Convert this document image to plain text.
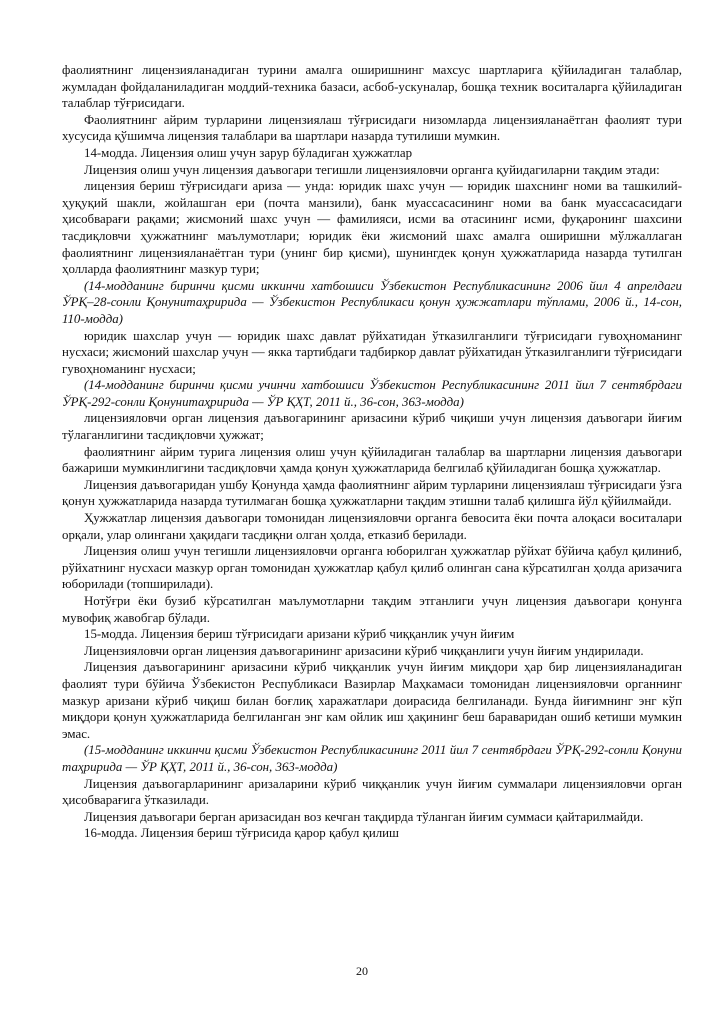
фаолиятнинг лицензияланадиган турини амалга оширишнинг махсус шартларига қўйиладиган талаблар, жумладан фойдаланиладиган моддий-техника базаси, асбоб-ускуналар, бошқа техник воситаларга қўйиладиган талаблар тўғрисидаги.

Фаолиятнинг айрим турларини лицензиялаш тўғрисидаги низомларда лицензияланаётган фаолият тури хусусида қўшимча лицензия талаблари ва шартлари назарда тутилиши мумкин.

14-модда. Лицензия олиш учун зарур бўладиган ҳужжатлар

Лицензия олиш учун лицензия даъвогари тегишли лицензияловчи органга қуйидагиларни тақдим этади:

лицензия бериш тўғрисидаги ариза — унда: юридик шахс учун — юридик шахснинг номи ва ташкилий-ҳуқуқий шакли, жойлашган ери (почта манзили), банк муассасасининг номи ва банк муассасасидаги ҳисобварағи рақами; жисмоний шахс учун — фамилияси, исми ва отасининг исми, фуқаронинг шахсини тасдиқловчи ҳужжатнинг маълумотлари; юридик ёки жисмоний шахс амалга оширишни мўлжаллаган фаолиятнинг лицензияланаётган тури (унинг бир қисми), шунингдек қонун ҳужжатларида назарда тутилган ҳолларда фаолиятнинг мазкур тури;

(14-модданинг биринчи қисми иккинчи хатбошиси Ўзбекистон Республикасининг 2006 йил 4 апрелдаги ЎРҚ–28-сонли Қонунитаҳририда — Ўзбекистон Республикаси қонун ҳужжатлари тўплами, 2006 й., 14-сон, 110-модда)

юридик шахслар учун — юридик шахс давлат рўйхатидан ўтказилганлиги тўғрисидаги гувоҳноманинг нусхаси; жисмоний шахслар учун — якка тартибдаги тадбиркор давлат рўйхатидан ўтказилганлиги тўғрисидаги гувоҳноманинг нусхаси;

(14-модданинг биринчи қисми учинчи хатбошиси Ўзбекистон Республикасининг 2011 йил 7 сентябрдаги ЎРҚ-292-сонли Қонунитаҳририда — ЎР ҚҲТ, 2011 й., 36-сон, 363-модда)

лицензияловчи орган лицензия даъвогарининг аризасини кўриб чиқиши учун лицензия даъвогари йиғим тўлаганлигини тасдиқловчи ҳужжат;

фаолиятнинг айрим турига лицензия олиш учун қўйиладиган талаблар ва шартларни лицензия даъвогари бажариши мумкинлигини тасдиқловчи ҳамда қонун ҳужжатларида белгилаб қўйиладиган бошқа ҳужжатлар.

Лицензия даъвогаридан ушбу Қонунда ҳамда фаолиятнинг айрим турларини лицензиялаш тўғрисидаги ўзга қонун ҳужжатларида назарда тутилмаган бошқа ҳужжатларни тақдим этишни талаб қилишга йўл қўйилмайди.

Ҳужжатлар лицензия даъвогари томонидан лицензияловчи органга бевосита ёки почта алоқаси воситалари орқали, улар олингани ҳақидаги тасдиқни олган ҳолда, етказиб берилади.

Лицензия олиш учун тегишли лицензияловчи органга юборилган ҳужжатлар рўйхат бўйича қабул қилиниб, рўйхатнинг нусхаси мазкур орган томонидан ҳужжатлар қабул қилиб олинган сана кўрсатилган ҳолда аризачига юборилади (топширилади).

Нотўғри ёки бузиб кўрсатилган маълумотларни тақдим этганлиги учун лицензия даъвогари қонунга мувофиқ жавобгар бўлади.

15-модда. Лицензия бериш тўғрисидаги аризани кўриб чиққанлик учун йиғим

Лицензияловчи орган лицензия даъвогарининг аризасини кўриб чиққанлиги учун йиғим ундирилади.

Лицензия даъвогарининг аризасини кўриб чиққанлик учун йиғим миқдори ҳар бир лицензияланадиган фаолият тури бўйича Ўзбекистон Республикаси Вазирлар Маҳкамаси томонидан лицензияловчи органнинг мазкур аризани кўриб чиқиш билан боғлиқ харажатлари доирасида белгиланади. Бунда йиғимнинг энг кўп миқдори қонун ҳужжатларида белгиланган энг кам ойлик иш ҳақининг беш бараваридан ошиб кетиши мумкин эмас.

(15-модданинг иккинчи қисми Ўзбекистон Республикасининг 2011 йил 7 сентябрдаги ЎРҚ-292-сонли Қонуни таҳририда — ЎР ҚҲТ, 2011 й., 36-сон, 363-модда)

Лицензия даъвогарларининг аризаларини кўриб чиққанлик учун йиғим суммалари лицензияловчи орган ҳисобварағига ўтказилади.

Лицензия даъвогари берган аризасидан воз кечган тақдирда тўланган йиғим суммаси қайтарилмайди.

16-модда. Лицензия бериш тўғрисида қарор қабул қилиш

20
